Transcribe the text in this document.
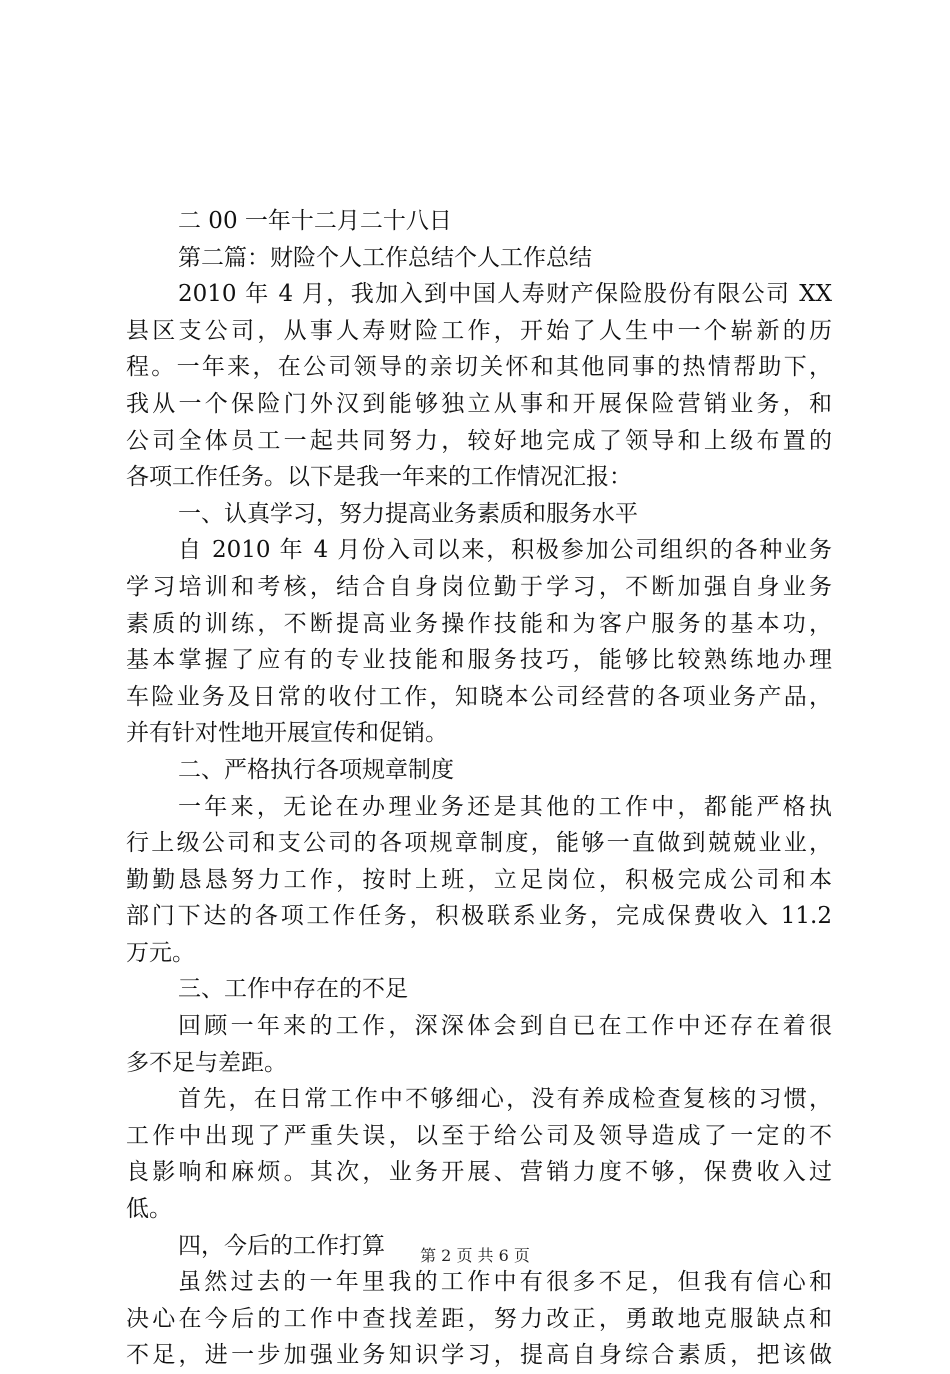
二 00 一年十二月二十八日
第二篇：财险个人工作总结个人工作总结
2010 年 4 月，我加入到中国人寿财产保险股份有限公司 XX
县区支公司，从事人寿财险工作，开始了人生中一个崭新的历
程。一年来，在公司领导的亲切关怀和其他同事的热情帮助下，
我从一个保险门外汉到能够独立从事和开展保险营销业务，和
公司全体员工一起共同努力，较好地完成了领导和上级布置的
各项工作任务。以下是我一年来的工作情况汇报：
一、认真学习，努力提高业务素质和服务水平
自 2010 年 4 月份入司以来，积极参加公司组织的各种业务
学习培训和考核，结合自身岗位勤于学习，不断加强自身业务
素质的训练，不断提高业务操作技能和为客户服务的基本功，
基本掌握了应有的专业技能和服务技巧，能够比较熟练地办理
车险业务及日常的收付工作，知晓本公司经营的各项业务产品，
并有针对性地开展宣传和促销。
二、严格执行各项规章制度
一年来，无论在办理业务还是其他的工作中，都能严格执
行上级公司和支公司的各项规章制度，能够一直做到兢兢业业，
勤勤恳恳努力工作，按时上班，立足岗位，积极完成公司和本
部门下达的各项工作任务，积极联系业务，完成保费收入 11.2
万元。
三、工作中存在的不足
回顾一年来的工作，深深体会到自已在工作中还存在着很
多不足与差距。
首先，在日常工作中不够细心，没有养成检查复核的习惯，
工作中出现了严重失误，以至于给公司及领导造成了一定的不
良影响和麻烦。其次，业务开展、营销力度不够，保费收入过
低。
四，今后的工作打算
虽然过去的一年里我的工作中有很多不足，但我有信心和
决心在今后的工作中查找差距，努力改正，勇敢地克服缺点和
不足，进一步加强业务知识学习，提高自身综合素质，把该做
第 2 页 共 6 页
